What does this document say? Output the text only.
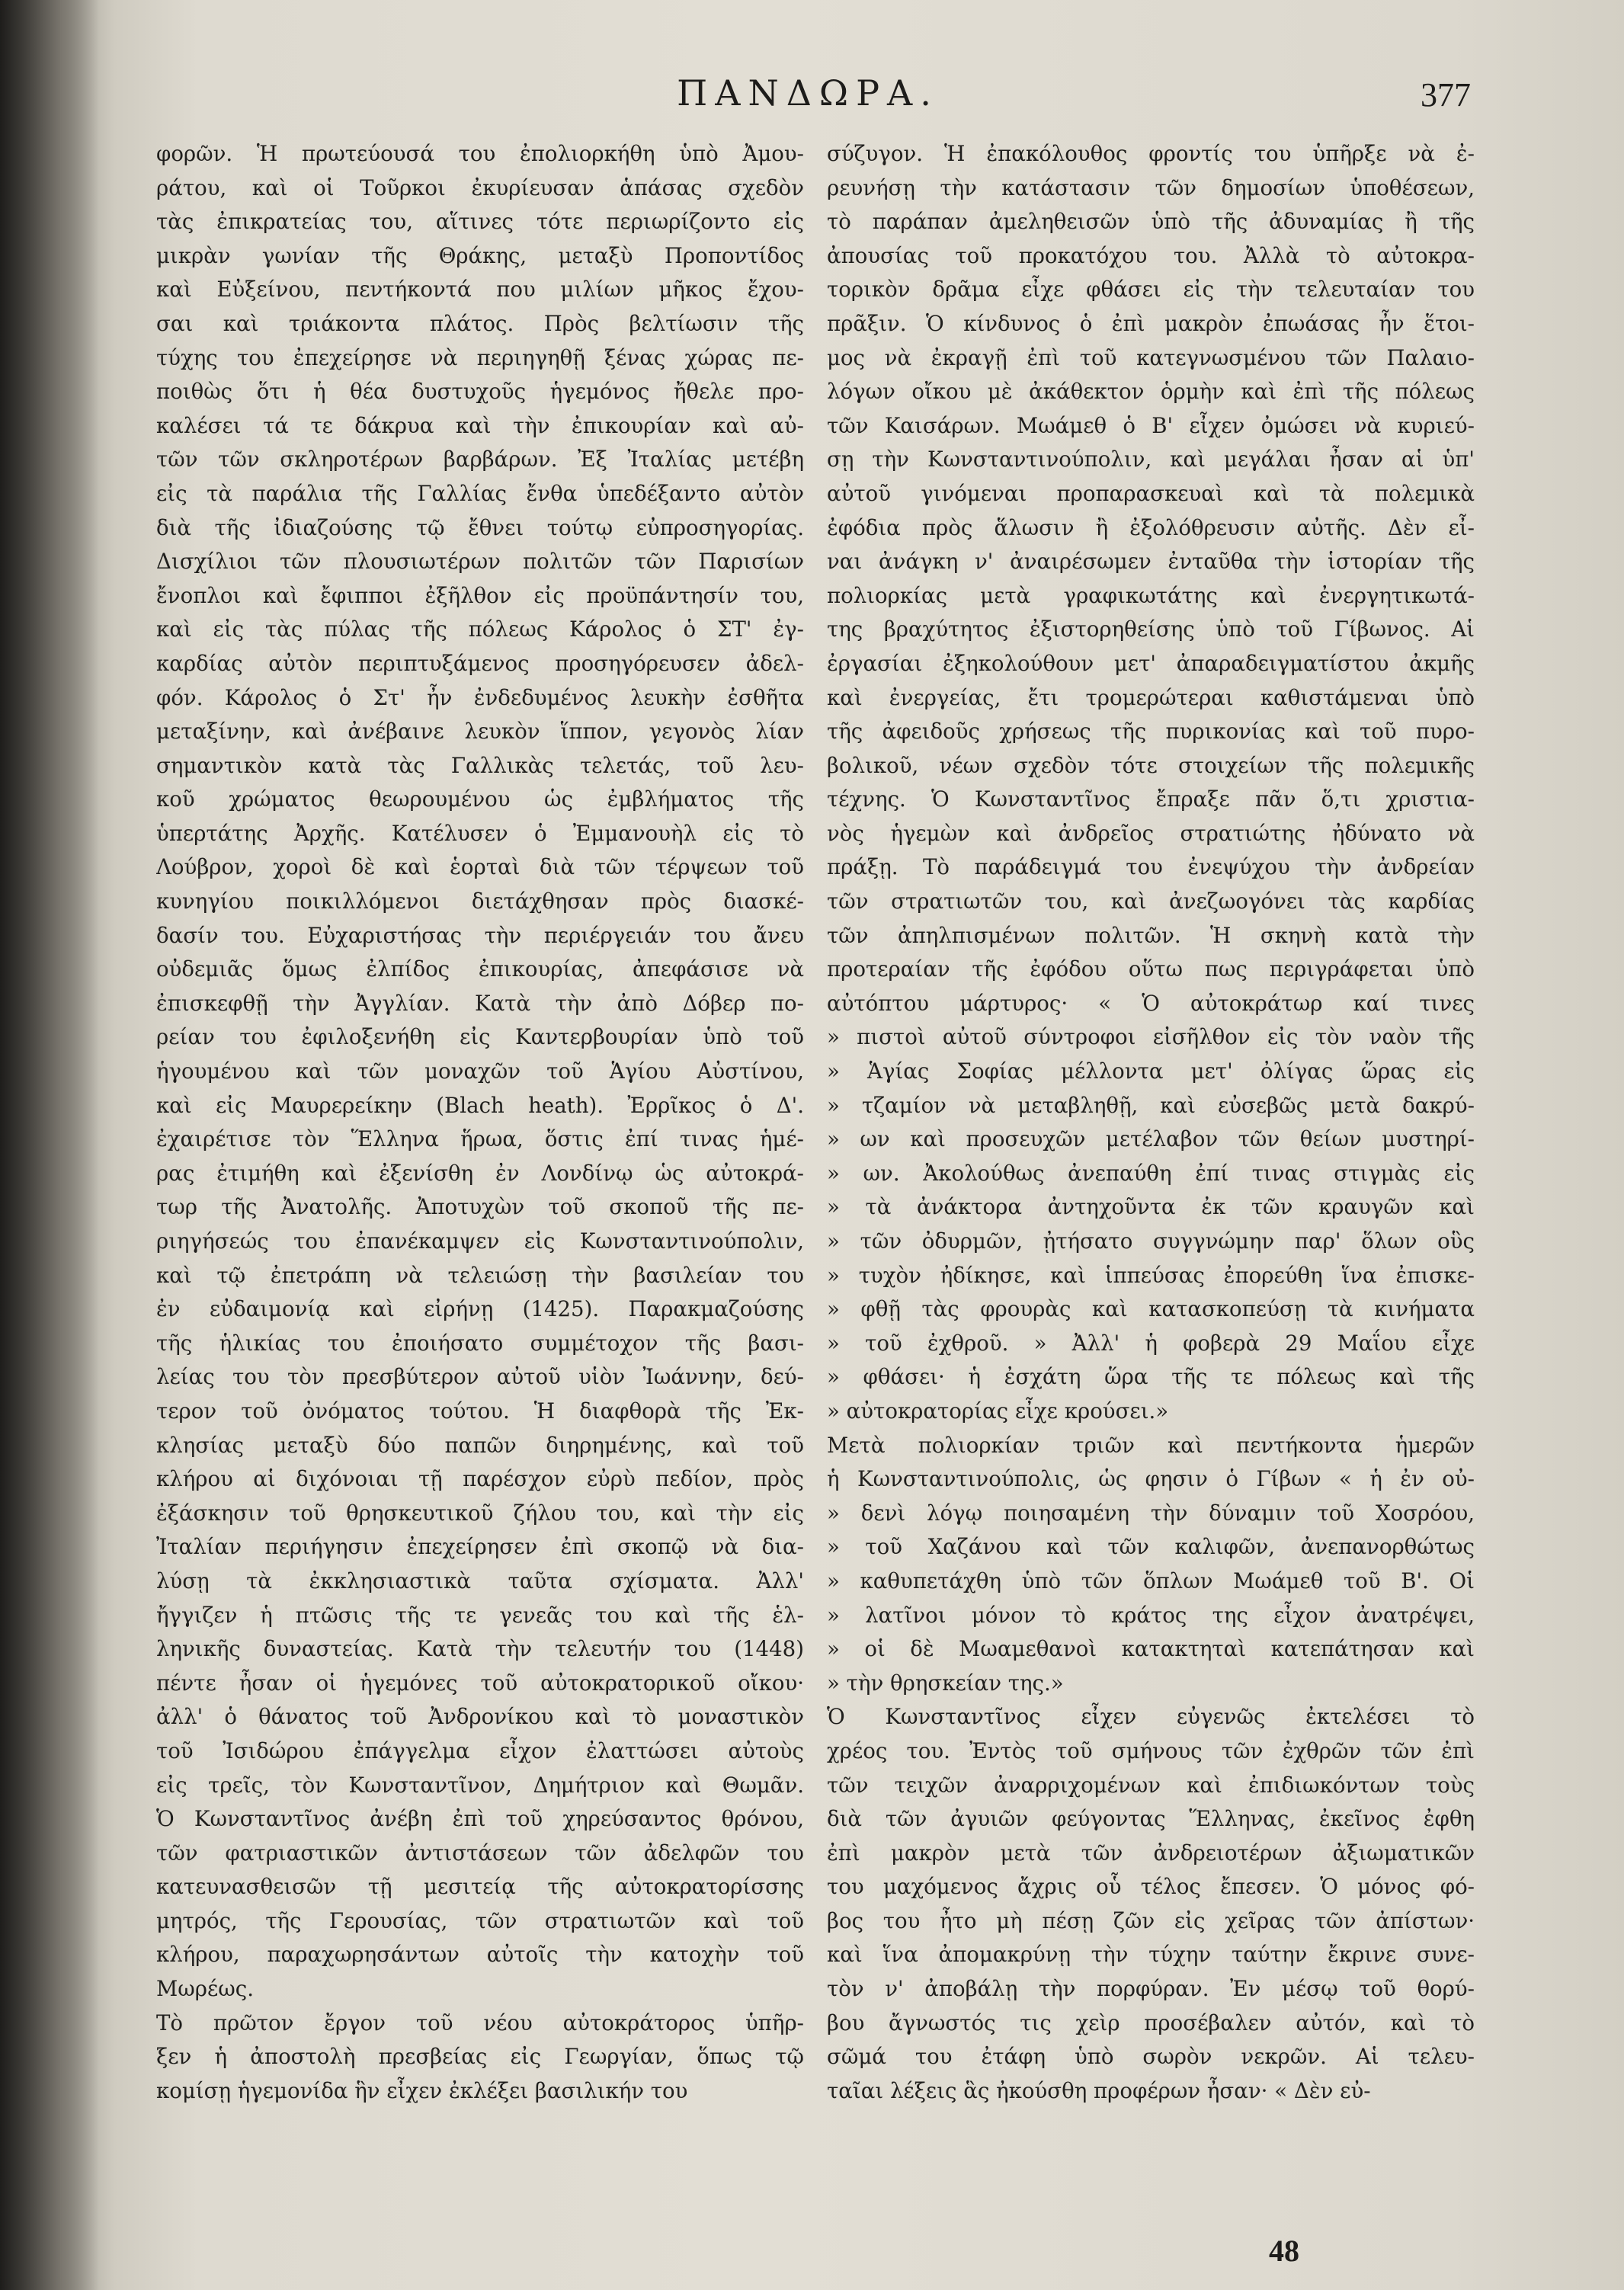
ΠΑΝΔΩΡΑ.	377
φορῶν. Ἡ πρωτεύουσά του ἐπολιορκήθη ὑπὸ Ἀμου-
ράτου, καὶ οἱ Τοῦρκοι ἐκυρίευσαν ἁπάσας σχεδὸν
τὰς ἐπικρατείας του, αἵτινες τότε περιωρίζοντο εἰς
μικρὰν γωνίαν τῆς Θράκης, μεταξὺ Προποντίδος
καὶ Εὐξείνου, πεντήκοντά που μιλίων μῆκος ἔχου-
σαι καὶ τριάκοντα πλάτος. Πρὸς βελτίωσιν τῆς
τύχης του ἐπεχείρησε νὰ περιηγηθῇ ξένας χώρας πε-
ποιθὼς ὅτι ἡ θέα δυστυχοῦς ἡγεμόνος ἤθελε προ-
καλέσει τά τε δάκρυα καὶ τὴν ἐπικουρίαν καὶ αὐ-
τῶν τῶν σκληροτέρων βαρβάρων. Ἐξ Ἰταλίας μετέβη
εἰς τὰ παράλια τῆς Γαλλίας ἔνθα ὑπεδέξαντο αὐτὸν
διὰ τῆς ἰδιαζούσης τῷ ἔθνει τούτῳ εὐπροσηγορίας.
Δισχίλιοι τῶν πλουσιωτέρων πολιτῶν τῶν Παρισίων
ἔνοπλοι καὶ ἔφιπποι ἐξῆλθον εἰς προϋπάντησίν του,
καὶ εἰς τὰς πύλας τῆς πόλεως Κάρολος ὁ ΣΤ' ἐγ-
καρδίας αὐτὸν περιπτυξάμενος προσηγόρευσεν ἀδελ-
φόν. Κάρολος ὁ Στ' ἦν ἐνδεδυμένος λευκὴν ἐσθῆτα
μεταξίνην, καὶ ἀνέβαινε λευκὸν ἵππον, γεγονὸς λίαν
σημαντικὸν κατὰ τὰς Γαλλικὰς τελετάς, τοῦ λευ-
κοῦ χρώματος θεωρουμένου ὡς ἐμβλήματος τῆς
ὑπερτάτης Ἀρχῆς. Κατέλυσεν ὁ Ἐμμανουὴλ εἰς τὸ
Λούβρον, χοροὶ δὲ καὶ ἑορταὶ διὰ τῶν τέρψεων τοῦ
κυνηγίου ποικιλλόμενοι διετάχθησαν πρὸς διασκέ-
δασίν του. Εὐχαριστήσας τὴν περιέργειάν του ἄνευ
οὐδεμιᾶς ὅμως ἐλπίδος ἐπικουρίας, ἀπεφάσισε νὰ
ἐπισκεφθῇ τὴν Ἀγγλίαν. Κατὰ τὴν ἀπὸ Δόβερ πο-
ρείαν του ἐφιλοξενήθη εἰς Καντερβουρίαν ὑπὸ τοῦ
ἡγουμένου καὶ τῶν μοναχῶν τοῦ Ἁγίου Αὐστίνου,
καὶ εἰς Μαυρερείκην (Blach heath). Ἐρρῖκος ὁ Δ'.
ἐχαιρέτισε τὸν Ἕλληνα ἥρωα, ὅστις ἐπί τινας ἡμέ-
ρας ἐτιμήθη καὶ ἐξενίσθη ἐν Λονδίνῳ ὡς αὐτοκρά-
τωρ τῆς Ἀνατολῆς. Ἀποτυχὼν τοῦ σκοποῦ τῆς πε-
ριηγήσεώς του ἐπανέκαμψεν εἰς Κωνσταντινούπολιν,
καὶ τῷ ἐπετράπη νὰ τελειώσῃ τὴν βασιλείαν του
ἐν εὐδαιμονίᾳ καὶ εἰρήνῃ (1425). Παρακμαζούσης
τῆς ἡλικίας του ἐποιήσατο συμμέτοχον τῆς βασι-
λείας του τὸν πρεσβύτερον αὐτοῦ υἱὸν Ἰωάννην, δεύ-
τερον τοῦ ὀνόματος τούτου. Ἡ διαφθορὰ τῆς Ἐκ-
κλησίας μεταξὺ δύο παπῶν διηρημένης, καὶ τοῦ
κλήρου αἱ διχόνοιαι τῇ παρέσχον εὐρὺ πεδίον, πρὸς
ἐξάσκησιν τοῦ θρησκευτικοῦ ζήλου του, καὶ τὴν εἰς
Ἰταλίαν περιήγησιν ἐπεχείρησεν ἐπὶ σκοπῷ νὰ δια-
λύσῃ τὰ ἐκκλησιαστικὰ ταῦτα σχίσματα. Ἀλλ'
ἤγγιζεν ἡ πτῶσις τῆς τε γενεᾶς του καὶ τῆς ἑλ-
ληνικῆς δυναστείας. Κατὰ τὴν τελευτήν του (1448)
πέντε ἦσαν οἱ ἡγεμόνες τοῦ αὐτοκρατορικοῦ οἴκου·
ἀλλ' ὁ θάνατος τοῦ Ἀνδρονίκου καὶ τὸ μοναστικὸν
τοῦ Ἰσιδώρου ἐπάγγελμα εἶχον ἐλαττώσει αὐτοὺς
εἰς τρεῖς, τὸν Κωνσταντῖνον, Δημήτριον καὶ Θωμᾶν.
Ὁ Κωνσταντῖνος ἀνέβη ἐπὶ τοῦ χηρεύσαντος θρόνου,
τῶν φατριαστικῶν ἀντιστάσεων τῶν ἀδελφῶν του
κατευνασθεισῶν τῇ μεσιτείᾳ τῆς αὐτοκρατορίσσης
μητρός, τῆς Γερουσίας, τῶν στρατιωτῶν καὶ τοῦ
κλήρου, παραχωρησάντων αὐτοῖς τὴν κατοχὴν τοῦ
Μωρέως.
Τὸ πρῶτον ἔργον τοῦ νέου αὐτοκράτορος ὑπῆρ-
ξεν ἡ ἀποστολὴ πρεσβείας εἰς Γεωργίαν, ὅπως τῷ
κομίσῃ ἡγεμονίδα ἣν εἶχεν ἐκλέξει βασιλικήν του
σύζυγον. Ἡ ἐπακόλουθος φροντίς του ὑπῆρξε νὰ ἐ-
ρευνήσῃ τὴν κατάστασιν τῶν δημοσίων ὑποθέσεων,
τὸ παράπαν ἀμεληθεισῶν ὑπὸ τῆς ἀδυναμίας ἢ τῆς
ἀπουσίας τοῦ προκατόχου του. Ἀλλὰ τὸ αὐτοκρα-
τορικὸν δρᾶμα εἶχε φθάσει εἰς τὴν τελευταίαν του
πρᾶξιν. Ὁ κίνδυνος ὁ ἐπὶ μακρὸν ἐπωάσας ἦν ἕτοι-
μος νὰ ἐκραγῇ ἐπὶ τοῦ κατεγνωσμένου τῶν Παλαιο-
λόγων οἴκου μὲ ἀκάθεκτον ὁρμὴν καὶ ἐπὶ τῆς πόλεως
τῶν Καισάρων. Μωάμεθ ὁ Β' εἶχεν ὀμώσει νὰ κυριεύ-
σῃ τὴν Κωνσταντινούπολιν, καὶ μεγάλαι ἦσαν αἱ ὑπ'
αὐτοῦ γινόμεναι προπαρασκευαὶ καὶ τὰ πολεμικὰ
ἐφόδια πρὸς ἅλωσιν ἢ ἐξολόθρευσιν αὐτῆς. Δὲν εἶ-
ναι ἀνάγκη ν' ἀναιρέσωμεν ἐνταῦθα τὴν ἱστορίαν τῆς
πολιορκίας μετὰ γραφικωτάτης καὶ ἐνεργητικωτά-
της βραχύτητος ἐξιστορηθείσης ὑπὸ τοῦ Γίβωνος. Αἱ
ἐργασίαι ἐξηκολούθουν μετ' ἀπαραδειγματίστου ἀκμῆς
καὶ ἐνεργείας, ἔτι τρομερώτεραι καθιστάμεναι ὑπὸ
τῆς ἀφειδοῦς χρήσεως τῆς πυρικονίας καὶ τοῦ πυρο-
βολικοῦ, νέων σχεδὸν τότε στοιχείων τῆς πολεμικῆς
τέχνης. Ὁ Κωνσταντῖνος ἔπραξε πᾶν ὅ,τι χριστια-
νὸς ἡγεμὼν καὶ ἀνδρεῖος στρατιώτης ἠδύνατο νὰ
πράξῃ. Τὸ παράδειγμά του ἐνεψύχου τὴν ἀνδρείαν
τῶν στρατιωτῶν του, καὶ ἀνεζωογόνει τὰς καρδίας
τῶν ἀπηλπισμένων πολιτῶν. Ἡ σκηνὴ κατὰ τὴν
προτεραίαν τῆς ἐφόδου οὕτω πως περιγράφεται ὑπὸ
αὐτόπτου μάρτυρος· « Ὁ αὐτοκράτωρ καί τινες
» πιστοὶ αὐτοῦ σύντροφοι εἰσῆλθον εἰς τὸν ναὸν τῆς
» Ἁγίας Σοφίας μέλλοντα μετ' ὀλίγας ὥρας εἰς
» τζαμίον νὰ μεταβληθῇ, καὶ εὐσεβῶς μετὰ δακρύ-
» ων καὶ προσευχῶν μετέλαβον τῶν θείων μυστηρί-
» ων. Ἀκολούθως ἀνεπαύθη ἐπί τινας στιγμὰς εἰς
» τὰ ἀνάκτορα ἀντηχοῦντα ἐκ τῶν κραυγῶν καὶ
» τῶν ὀδυρμῶν, ᾐτήσατο συγγνώμην παρ' ὅλων οὓς
» τυχὸν ἠδίκησε, καὶ ἱππεύσας ἐπορεύθη ἵνα ἐπισκε-
» φθῇ τὰς φρουρὰς καὶ κατασκοπεύσῃ τὰ κινήματα
» τοῦ ἐχθροῦ. » Ἀλλ' ἡ φοβερὰ 29 Μαΐου εἶχε
» φθάσει· ἡ ἐσχάτη ὥρα τῆς τε πόλεως καὶ τῆς
» αὐτοκρατορίας εἶχε κρούσει.»
Μετὰ πολιορκίαν τριῶν καὶ πεντήκοντα ἡμερῶν
ἡ Κωνσταντινούπολις, ὡς φησιν ὁ Γίβων « ἡ ἐν οὐ-
» δενὶ λόγῳ ποιησαμένη τὴν δύναμιν τοῦ Χοσρόου,
» τοῦ Χαζάνου καὶ τῶν καλιφῶν, ἀνεπανορθώτως
» καθυπετάχθη ὑπὸ τῶν ὅπλων Μωάμεθ τοῦ Β'. Οἱ
» λατῖνοι μόνον τὸ κράτος της εἶχον ἀνατρέψει,
» οἱ δὲ Μωαμεθανοὶ κατακτηταὶ κατεπάτησαν καὶ
» τὴν θρησκείαν της.»
Ὁ Κωνσταντῖνος εἶχεν εὐγενῶς ἐκτελέσει τὸ
χρέος του. Ἐντὸς τοῦ σμήνους τῶν ἐχθρῶν τῶν ἐπὶ
τῶν τειχῶν ἀναρριχομένων καὶ ἐπιδιωκόντων τοὺς
διὰ τῶν ἀγυιῶν φεύγοντας Ἕλληνας, ἐκεῖνος ἐφθη
ἐπὶ μακρὸν μετὰ τῶν ἀνδρειοτέρων ἀξιωματικῶν
του μαχόμενος ἄχρις οὗ τέλος ἔπεσεν. Ὁ μόνος φό-
βος του ἦτο μὴ πέσῃ ζῶν εἰς χεῖρας τῶν ἀπίστων·
καὶ ἵνα ἀπομακρύνῃ τὴν τύχην ταύτην ἔκρινε συνε-
τὸν ν' ἀποβάλῃ τὴν πορφύραν. Ἐν μέσῳ τοῦ θορύ-
βου ἄγνωστός τις χεὶρ προσέβαλεν αὐτόν, καὶ τὸ
σῶμά του ἐτάφη ὑπὸ σωρὸν νεκρῶν. Αἱ τελευ-
ταῖαι λέξεις ἃς ἠκούσθη προφέρων ἦσαν· « Δὲν εὐ-
48
